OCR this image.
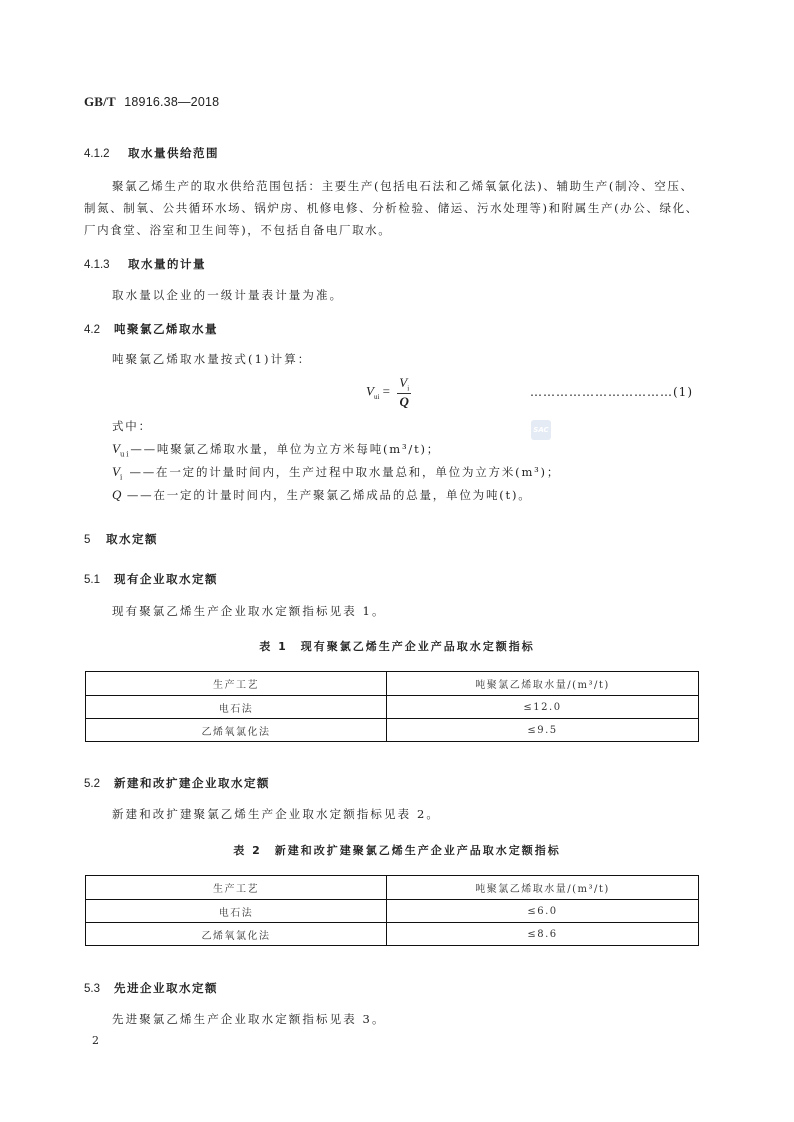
GB/T 18916.38—2018
4.1.2 取水量供给范围
聚氯乙烯生产的取水供给范围包括：主要生产(包括电石法和乙烯氧氯化法)、辅助生产(制冷、空压、制氮、制氧、公共循环水场、锅炉房、机修电修、分析检验、储运、污水处理等)和附属生产(办公、绿化、厂内食堂、浴室和卫生间等)，不包括自备电厂取水。
4.1.3 取水量的计量
取水量以企业的一级计量表计量为准。
4.2 吨聚氯乙烯取水量
吨聚氯乙烯取水量按式(1)计算：
$V_{ui} = \frac{V_i}{Q}$	……………………………(1)
式中：	SAC
$V_{ui}——$吨聚氯乙烯取水量，单位为立方米每吨(m³/t)；
$V_i$ ——在一定的计量时间内，生产过程中取水量总和，单位为立方米(m³)；
Q ——在一定的计量时间内，生产聚氯乙烯成品的总量，单位为吨(t)。
5 取水定额
5.1 现有企业取水定额
现有聚氯乙烯生产企业取水定额指标见表 1。
表 1　现有聚氯乙烯生产企业产品取水定额指标
生产工艺	吨聚氯乙烯取水量/(m³/t)
电石法	≤12.0
乙烯氧氯化法	≤9.5
5.2 新建和改扩建企业取水定额
新建和改扩建聚氯乙烯生产企业取水定额指标见表 2。
表 2　新建和改扩建聚氯乙烯生产企业产品取水定额指标
生产工艺	吨聚氯乙烯取水量/(m³/t)
电石法	≤6.0
乙烯氧氯化法	≤8.6
5.3 先进企业取水定额
先进聚氯乙烯生产企业取水定额指标见表 3。
2
